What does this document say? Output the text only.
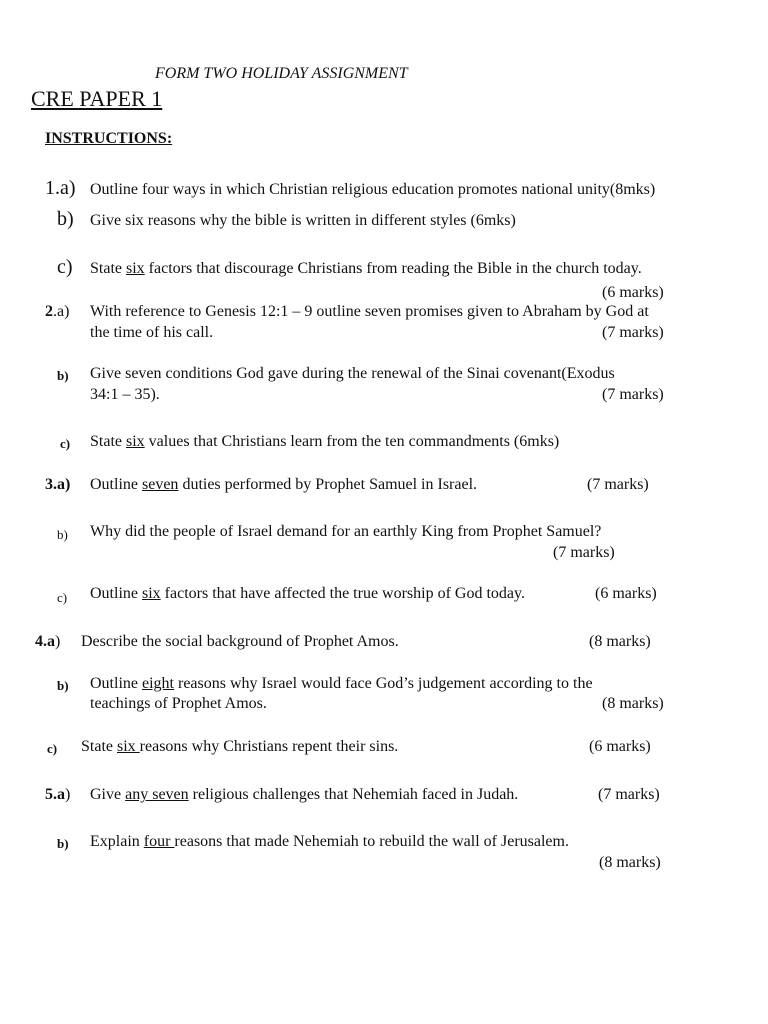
FORM TWO HOLIDAY ASSIGNMENT
CRE PAPER 1
INSTRUCTIONS:
1.a) Outline four ways in which Christian religious education promotes national unity(8mks)
b) Give six reasons why the bible is written in different styles (6mks)
c) State six factors that discourage Christians from reading the Bible in the church today.
(6 marks)
2.a) With reference to Genesis 12:1 – 9 outline seven promises given to Abraham by God at
the time of his call.	(7 marks)
b) Give seven conditions God gave during the renewal of the Sinai covenant(Exodus
34:1 – 35).	(7 marks)
c) State six values that Christians learn from the ten commandments (6mks)
3.a) Outline seven duties performed by Prophet Samuel in Israel.	(7 marks)
b) Why did the people of Israel demand for an earthly King from Prophet Samuel?
(7 marks)
c) Outline six factors that have affected the true worship of God today.	(6 marks)
4.a) Describe the social background of Prophet Amos.	(8 marks)
b) Outline eight reasons why Israel would face God’s judgement according to the
teachings of Prophet Amos.	(8 marks)
c) State six reasons why Christians repent their sins.	(6 marks)
5.a) Give any seven religious challenges that Nehemiah faced in Judah.	(7 marks)
b) Explain four reasons that made Nehemiah to rebuild the wall of Jerusalem.
(8 marks)
